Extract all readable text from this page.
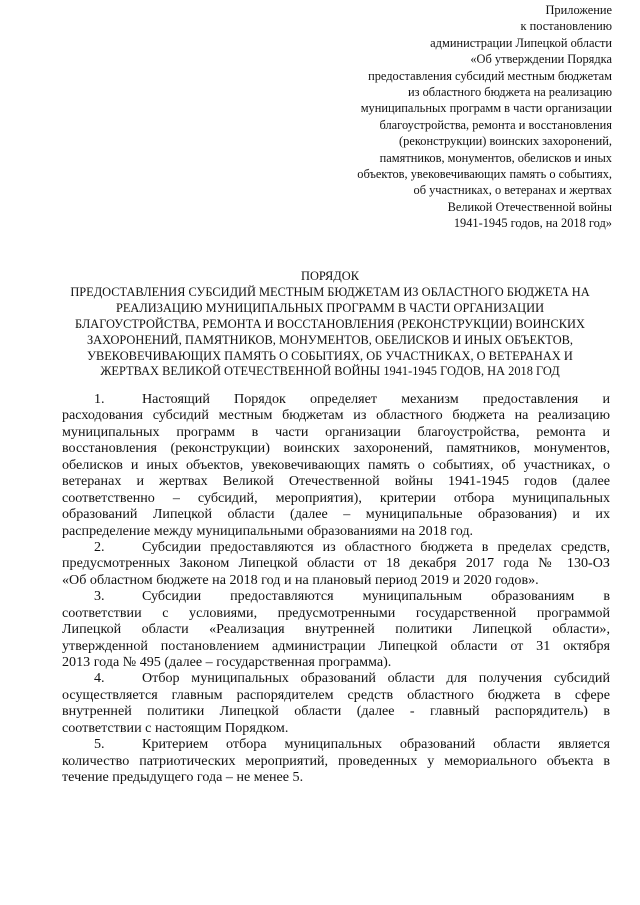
Приложение
к постановлению
администрации Липецкой области
«Об утверждении Порядка
предоставления субсидий местным бюджетам
из областного бюджета на реализацию
муниципальных программ в части организации
благоустройства, ремонта и восстановления
(реконструкции) воинских захоронений,
памятников, монументов, обелисков и иных
объектов, увековечивающих память о событиях,
об участниках, о ветеранах и жертвах
Великой Отечественной войны
1941-1945 годов, на 2018 год»
ПОРЯДОК
ПРЕДОСТАВЛЕНИЯ СУБСИДИЙ МЕСТНЫМ БЮДЖЕТАМ ИЗ ОБЛАСТНОГО БЮДЖЕТА НА
РЕАЛИЗАЦИЮ МУНИЦИПАЛЬНЫХ ПРОГРАММ В ЧАСТИ ОРГАНИЗАЦИИ
БЛАГОУСТРОЙСТВА, РЕМОНТА И ВОССТАНОВЛЕНИЯ (РЕКОНСТРУКЦИИ) ВОИНСКИХ
ЗАХОРОНЕНИЙ, ПАМЯТНИКОВ, МОНУМЕНТОВ, ОБЕЛИСКОВ И ИНЫХ ОБЪЕКТОВ,
УВЕКОВЕЧИВАЮЩИХ ПАМЯТЬ О СОБЫТИЯХ, ОБ УЧАСТНИКАХ, О ВЕТЕРАНАХ И
ЖЕРТВАХ ВЕЛИКОЙ ОТЕЧЕСТВЕННОЙ ВОЙНЫ 1941-1945 ГОДОВ, НА 2018 ГОД
1.	Настоящий Порядок определяет механизм предоставления и
расходования субсидий местным бюджетам из областного бюджета на реализацию
муниципальных программ в части организации благоустройства, ремонта и
восстановления (реконструкции) воинских захоронений, памятников, монументов,
обелисков и иных объектов, увековечивающих память о событиях, об участниках, о
ветеранах и жертвах Великой Отечественной войны 1941-1945 годов (далее
соответственно – субсидий, мероприятия), критерии отбора муниципальных
образований Липецкой области (далее – муниципальные образования) и их
распределение между муниципальными образованиями на 2018 год.
2.	Субсидии предоставляются из областного бюджета в пределах средств,
предусмотренных Законом Липецкой области от 18 декабря 2017 года № 130-ОЗ
«Об областном бюджете на 2018 год и на плановый период 2019 и 2020 годов».
3.	Субсидии предоставляются муниципальным образованиям в
соответствии с условиями, предусмотренными государственной программой
Липецкой области «Реализация внутренней политики Липецкой области»,
утвержденной постановлением администрации Липецкой области от 31 октября
2013 года № 495 (далее – государственная программа).
4.	Отбор муниципальных образований области для получения субсидий
осуществляется главным распорядителем средств областного бюджета в сфере
внутренней политики Липецкой области (далее - главный распорядитель) в
соответствии с настоящим Порядком.
5.	Критерием отбора муниципальных образований области является
количество патриотических мероприятий, проведенных у мемориального объекта в
течение предыдущего года – не менее 5.
